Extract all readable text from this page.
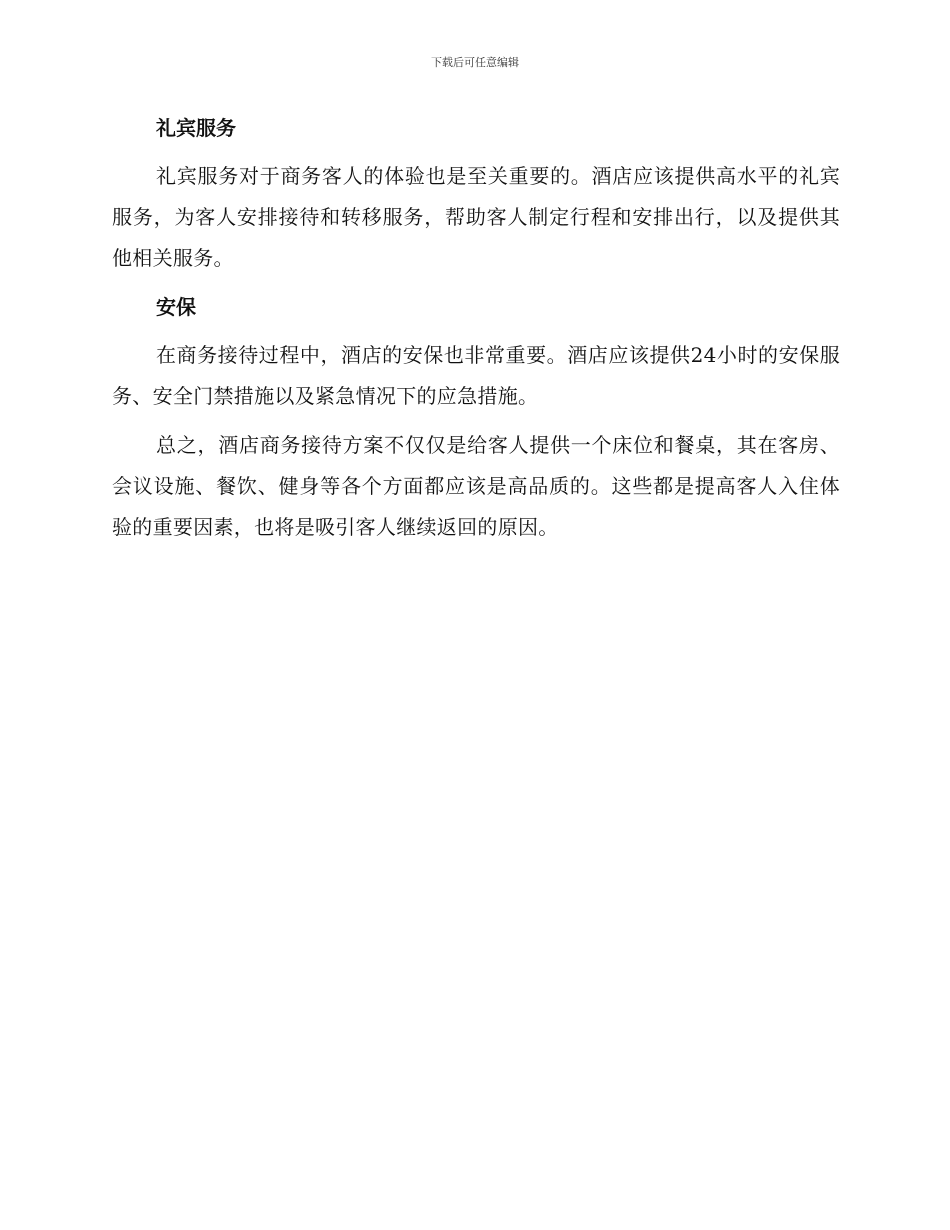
下载后可任意编辑
礼宾服务

礼宾服务对于商务客人的体验也是至关重要的。酒店应该提供高水平的礼宾服务，为客人安排接待和转移服务，帮助客人制定行程和安排出行，以及提供其他相关服务。

安保

在商务接待过程中，酒店的安保也非常重要。酒店应该提供24小时的安保服务、安全门禁措施以及紧急情况下的应急措施。

总之，酒店商务接待方案不仅仅是给客人提供一个床位和餐桌，其在客房、会议设施、餐饮、健身等各个方面都应该是高品质的。这些都是提高客人入住体验的重要因素，也将是吸引客人继续返回的原因。
